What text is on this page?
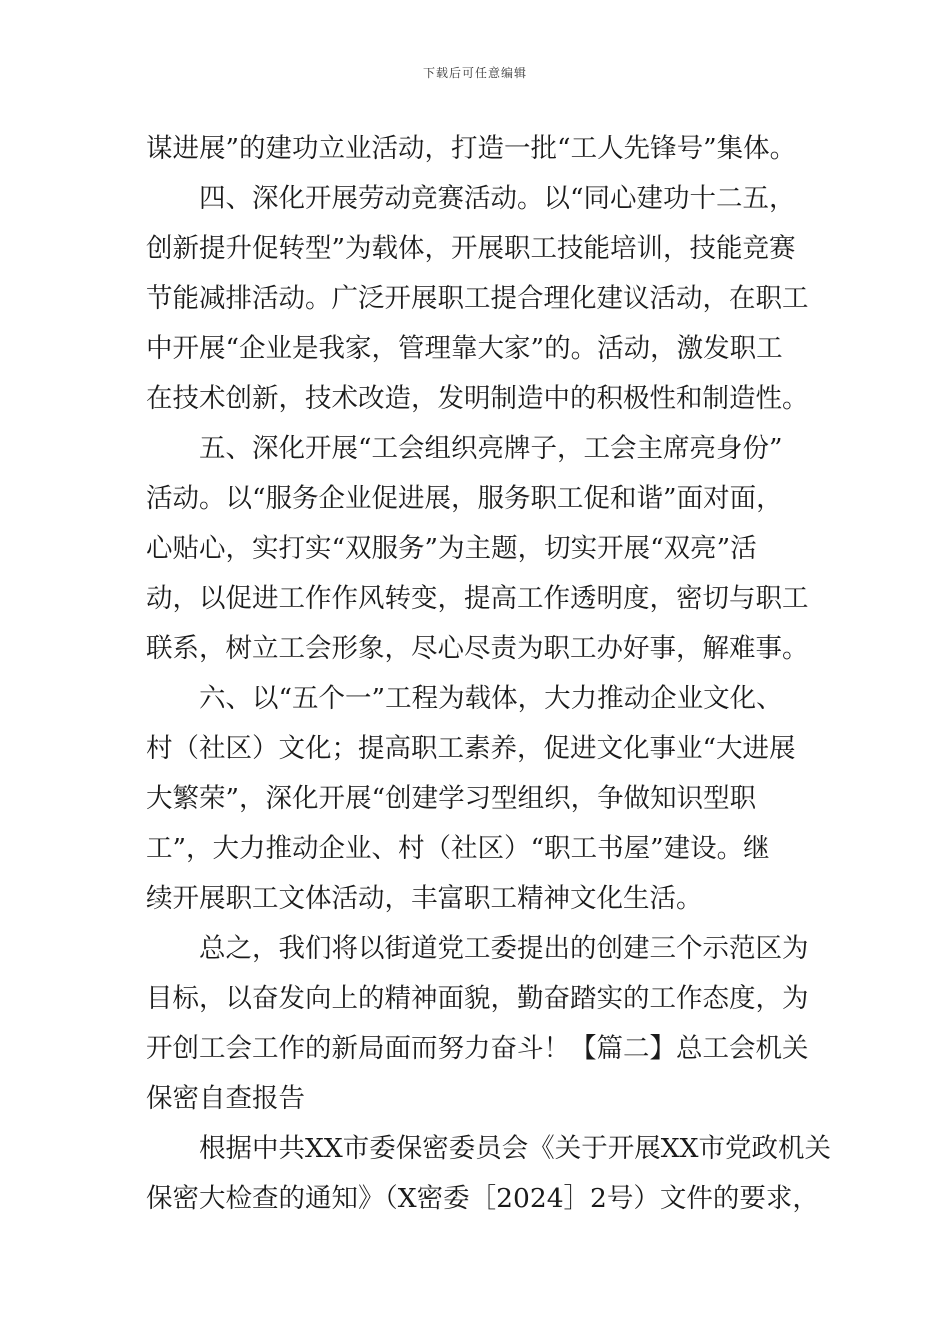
下载后可任意编辑

谋进展”的建功立业活动，打造一批“工人先锋号”集体。

四、深化开展劳动竞赛活动。以“同心建功十二五，

创新提升促转型”为载体，开展职工技能培训，技能竞赛

节能减排活动。广泛开展职工提合理化建议活动，在职工

中开展“企业是我家，管理靠大家”的。活动，激发职工

在技术创新，技术改造，发明制造中的积极性和制造性。

五、深化开展“工会组织亮牌子，工会主席亮身份”

活动。以“服务企业促进展，服务职工促和谐”面对面，

心贴心，实打实“双服务”为主题，切实开展“双亮”活

动，以促进工作作风转变，提高工作透明度，密切与职工

联系，树立工会形象，尽心尽责为职工办好事，解难事。

六、以“五个一”工程为载体，大力推动企业文化、

村（社区）文化；提高职工素养，促进文化事业“大进展

大繁荣”，深化开展“创建学习型组织，争做知识型职

工”，大力推动企业、村（社区）“职工书屋”建设。继

续开展职工文体活动，丰富职工精神文化生活。

总之，我们将以街道党工委提出的创建三个示范区为

目标，以奋发向上的精神面貌，勤奋踏实的工作态度，为

开创工会工作的新局面而努力奋斗！【篇二】总工会机关

保密自查报告

根据中共XX市委保密委员会《关于开展XX市党政机关

保密大检查的通知》（X密委［2024］2号）文件的要求，
